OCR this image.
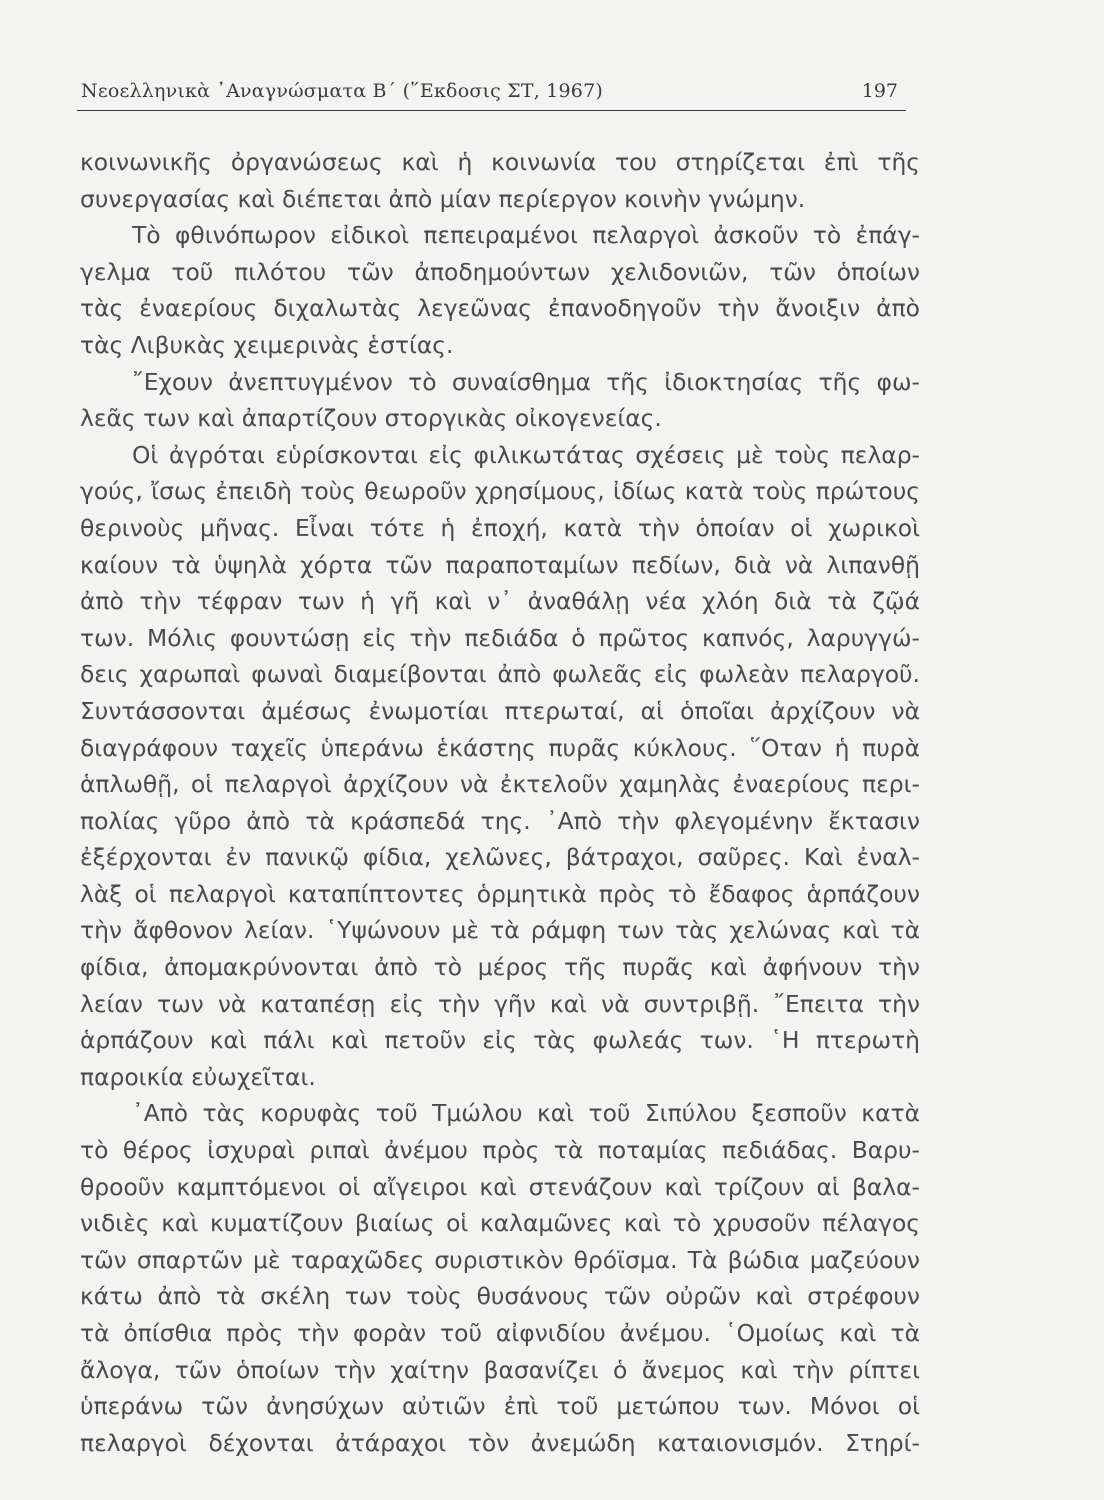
Νεοελληνικὰ ᾿Αναγνώσματα Β΄ (῞Εκδοσις ΣΤ, 1967)	197
κοινωνικῆς ὀργανώσεως καὶ ἡ κοινωνία του στηρίζεται ἐπὶ τῆς
συνεργασίας καὶ διέπεται ἀπὸ μίαν περίεργον κοινὴν γνώμην.
Τὸ φθινόπωρον εἰδικοὶ πεπειραμένοι πελαργοὶ ἀσκοῦν τὸ ἐπάγ-
γελμα τοῦ πιλότου τῶν ἀποδημούντων χελιδονιῶν, τῶν ὁποίων
τὰς ἐναερίους διχαλωτὰς λεγεῶνας ἐπανοδηγοῦν τὴν ἄνοιξιν ἀπὸ
τὰς Λιβυκὰς χειμερινὰς ἑστίας.
῎Εχουν ἀνεπτυγμένον τὸ συναίσθημα τῆς ἰδιοκτησίας τῆς φω-
λεᾶς των καὶ ἀπαρτίζουν στοργικὰς οἰκογενείας.
Οἱ ἀγρόται εὑρίσκονται εἰς φιλικωτάτας σχέσεις μὲ τοὺς πελαρ-
γούς, ἴσως ἐπειδὴ τοὺς θεωροῦν χρησίμους, ἰδίως κατὰ τοὺς πρώτους
θερινοὺς μῆνας. Εἶναι τότε ἡ ἐποχή, κατὰ τὴν ὁποίαν οἱ χωρικοὶ
καίουν τὰ ὑψηλὰ χόρτα τῶν παραποταμίων πεδίων, διὰ νὰ λιπανθῇ
ἀπὸ τὴν τέφραν των ἡ γῆ καὶ ν᾿ ἀναθάλῃ νέα χλόη διὰ τὰ ζῷά
των. Μόλις φουντώσῃ εἰς τὴν πεδιάδα ὁ πρῶτος καπνός, λαρυγγώ-
δεις χαρωπαὶ φωναὶ διαμείβονται ἀπὸ φωλεᾶς εἰς φωλεὰν πελαργοῦ.
Συντάσσονται ἀμέσως ἐνωμοτίαι πτερωταί, αἱ ὁποῖαι ἀρχίζουν νὰ
διαγράφουν ταχεῖς ὑπεράνω ἑκάστης πυρᾶς κύκλους. ῞Οταν ἡ πυρὰ
ἁπλωθῇ, οἱ πελαργοὶ ἀρχίζουν νὰ ἐκτελοῦν χαμηλὰς ἐναερίους περι-
πολίας γῦρο ἀπὸ τὰ κράσπεδά της. ᾿Απὸ τὴν φλεγομένην ἔκτασιν
ἐξέρχονται ἐν πανικῷ φίδια, χελῶνες, βάτραχοι, σαῦρες. Καὶ ἐναλ-
λὰξ οἱ πελαργοὶ καταπίπτοντες ὁρμητικὰ πρὸς τὸ ἔδαφος ἁρπάζουν
τὴν ἄφθονον λείαν. ῾Υψώνουν μὲ τὰ ράμφη των τὰς χελώνας καὶ τὰ
φίδια, ἀπομακρύνονται ἀπὸ τὸ μέρος τῆς πυρᾶς καὶ ἀφήνουν τὴν
λείαν των νὰ καταπέσῃ εἰς τὴν γῆν καὶ νὰ συντριβῇ. ῎Επειτα τὴν
ἁρπάζουν καὶ πάλι καὶ πετοῦν εἰς τὰς φωλεάς των. ῾Η πτερωτὴ
παροικία εὐωχεῖται.
᾿Απὸ τὰς κορυφὰς τοῦ Τμώλου καὶ τοῦ Σιπύλου ξεσποῦν κατὰ
τὸ θέρος ἰσχυραὶ ριπαὶ ἀνέμου πρὸς τὰ ποταμίας πεδιάδας. Βαρυ-
θροοῦν καμπτόμενοι οἱ αἴγειροι καὶ στενάζουν καὶ τρίζουν αἱ βαλα-
νιδιὲς καὶ κυματίζουν βιαίως οἱ καλαμῶνες καὶ τὸ χρυσοῦν πέλαγος
τῶν σπαρτῶν μὲ ταραχῶδες συριστικὸν θρόϊσμα. Τὰ βώδια μαζεύουν
κάτω ἀπὸ τὰ σκέλη των τοὺς θυσάνους τῶν οὐρῶν καὶ στρέφουν
τὰ ὀπίσθια πρὸς τὴν φορὰν τοῦ αἰφνιδίου ἀνέμου. ῾Ομοίως καὶ τὰ
ἄλογα, τῶν ὁποίων τὴν χαίτην βασανίζει ὁ ἄνεμος καὶ τὴν ρίπτει
ὑπεράνω τῶν ἀνησύχων αὐτιῶν ἐπὶ τοῦ μετώπου των. Μόνοι οἱ
πελαργοὶ δέχονται ἀτάραχοι τὸν ἀνεμώδη καταιονισμόν. Στηρί-
